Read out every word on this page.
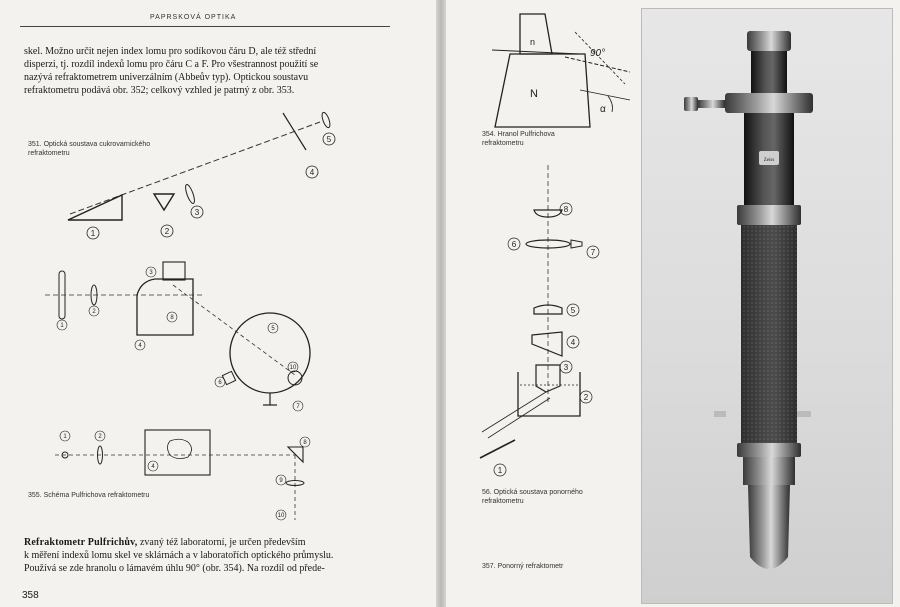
PAPRSKOVÁ OPTIKA
skel. Možno určit nejen index lomu pro sodíkovou čáru D, ale též střední
disperzi, tj. rozdíl indexů lomu pro čáru C a F. Pro všestrannost použití se
nazývá refraktometrem univerzálním (Abbeův typ). Optickou soustavu
refraktometru podává obr. 352; celkový vzhled je patrný z obr. 353.
351. Optická soustava cukrovarnického
refraktometru
1	2
3
4
5
1
2
3
4
5
6
7
8
10
1	2
4
8
9
10
355. Schéma Pulfrichova refraktometru
Refraktometr Pulfrichův, zvaný též laboratorní, je určen především
k měření indexů lomu skel ve sklárnách a v laboratořích optického průmyslu.
Používá se zde hranolu o lámavém úhlu 90° (obr. 354). Na rozdíl od přede-
358
n
N
90°
α
354. Hranol Pulfrichova
refraktometru
8
6
7
5
4
3
2
1
56. Optická soustava ponorného
refraktometru
357. Ponorný refraktometr
Zeiss
